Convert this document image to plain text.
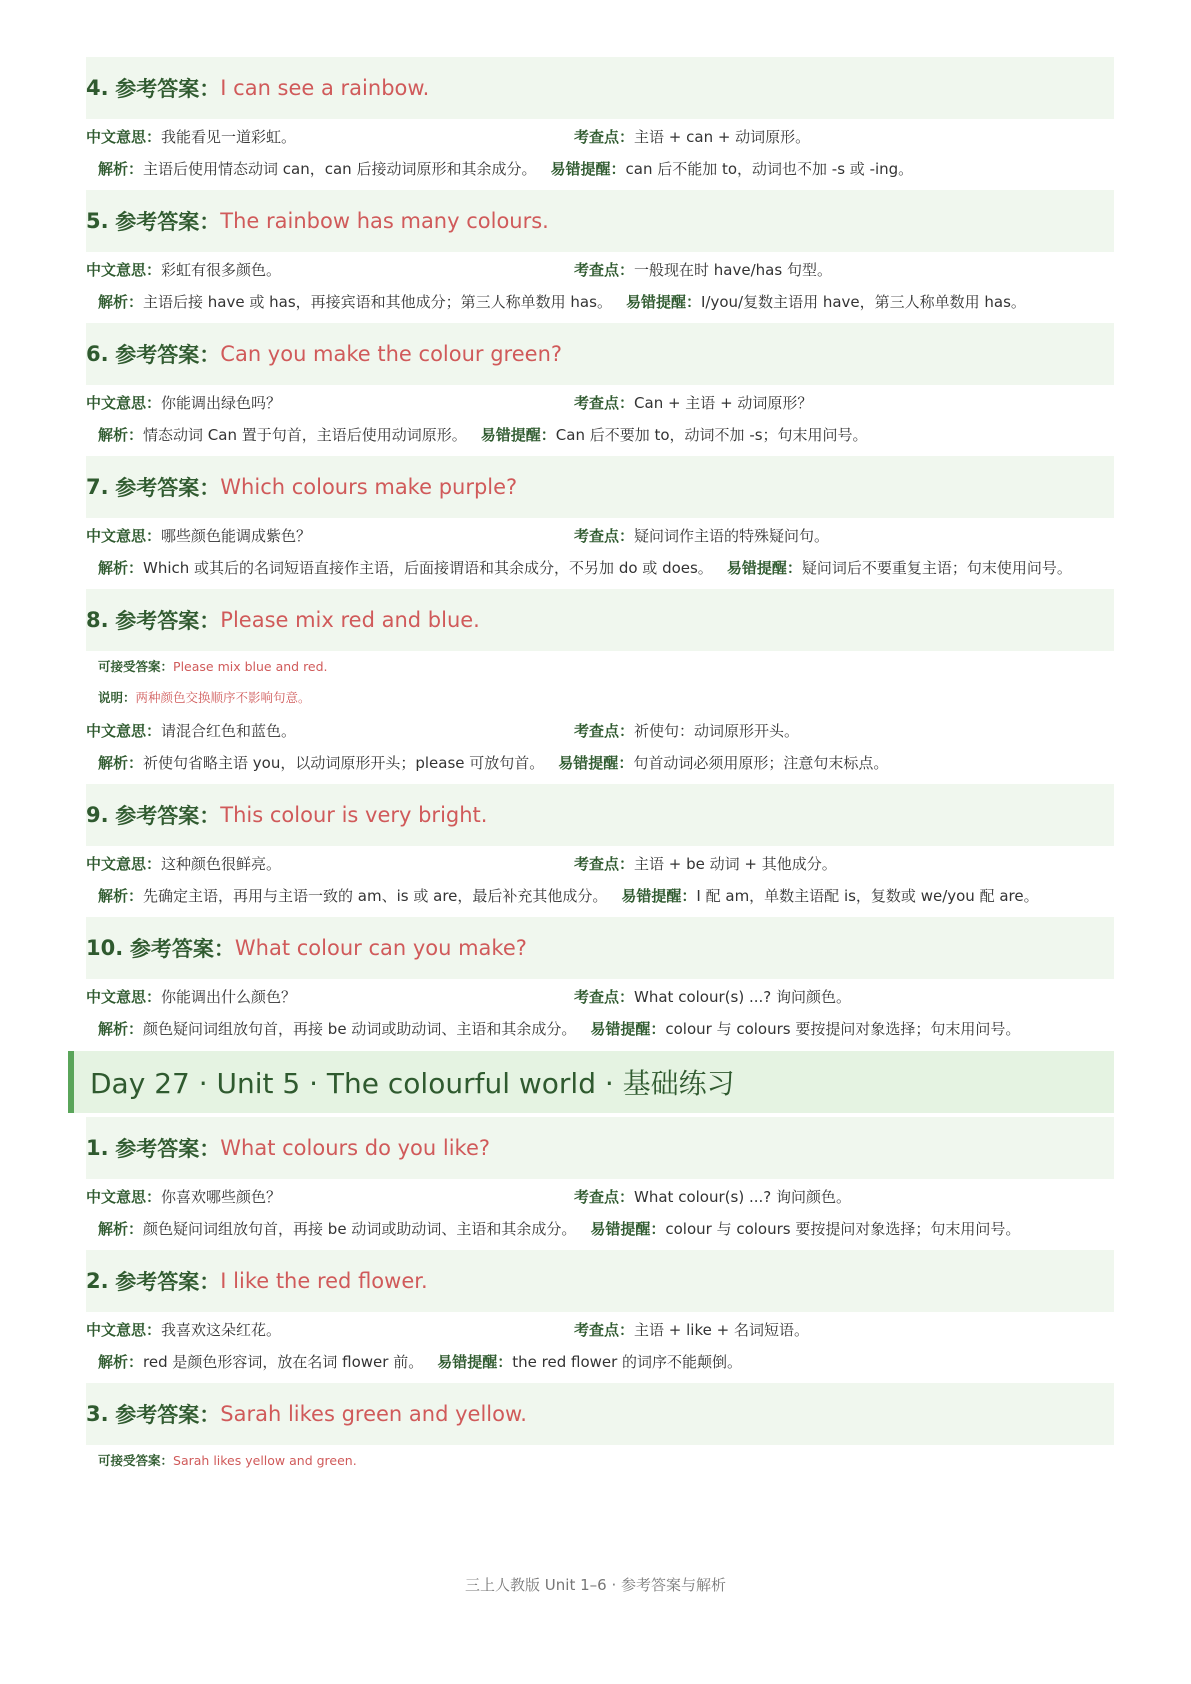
4.
参考答案 ： I can see a rainbow.
中文意思：我能看见一道彩虹。	考查点：主语 + can + 动词原形。
解析：主语后使用情态动词 can，can 后接动词原形和其余成分。 易错提醒：can 后不能加 to，动词也不加 -s 或 -ing。
5.
参考答案 ： The rainbow has many colours.
中文意思：彩虹有很多颜色。	考查点：一般现在时 have/has 句型。
解析：主语后接 have 或 has，再接宾语和其他成分；第三人称单数用 has。 易错提醒：I/you/复数主语用 have，第三人称单数用 has。
6.
参考答案 ： Can you make the colour green?
中文意思：你能调出绿色吗？	考查点：Can + 主语 + 动词原形？
解析：情态动词 Can 置于句首，主语后使用动词原形。 易错提醒：Can 后不要加 to，动词不加 -s；句末用问号。
7.
参考答案 ： Which colours make purple?
中文意思：哪些颜色能调成紫色？	考查点：疑问词作主语的特殊疑问句。
解析：Which 或其后的名词短语直接作主语，后面接谓语和其余成分，不另加 do 或 does。 易错提醒：疑问词后不要重复主语；句末使用问号。
8.
参考答案 ： Please mix red and blue.
可接受答案：Please mix blue and red.
说明：两种颜色交换顺序不影响句意。
中文意思：请混合红色和蓝色。	考查点：祈使句：动词原形开头。
解析：祈使句省略主语 you，以动词原形开头；please 可放句首。 易错提醒：句首动词必须用原形；注意句末标点。
9.
参考答案 ： This colour is very bright.
中文意思：这种颜色很鲜亮。	考查点：主语 + be 动词 + 其他成分。
解析：先确定主语，再用与主语一致的 am、is 或 are，最后补充其他成分。 易错提醒：I 配 am，单数主语配 is，复数或 we/you 配 are。
10.
参考答案 ： What colour can you make?
中文意思：你能调出什么颜色？	考查点：What colour(s) ...? 询问颜色。
解析：颜色疑问词组放句首，再接 be 动词或助动词、主语和其余成分。 易错提醒：colour 与 colours 要按提问对象选择；句末用问号。
Day 27 · Unit 5 · The colourful world · 基础练习
1.
参考答案 ： What colours do you like?
中文意思：你喜欢哪些颜色？	考查点：What colour(s) ...? 询问颜色。
解析：颜色疑问词组放句首，再接 be 动词或助动词、主语和其余成分。 易错提醒：colour 与 colours 要按提问对象选择；句末用问号。
2.
参考答案 ： I like the red flower.
中文意思：我喜欢这朵红花。	考查点：主语 + like + 名词短语。
解析：red 是颜色形容词，放在名词 flower 前。 易错提醒：the red flower 的词序不能颠倒。
3.
参考答案 ： Sarah likes green and yellow.
可接受答案：Sarah likes yellow and green.
三上人教版 Unit 1–6 · 参考答案与解析
